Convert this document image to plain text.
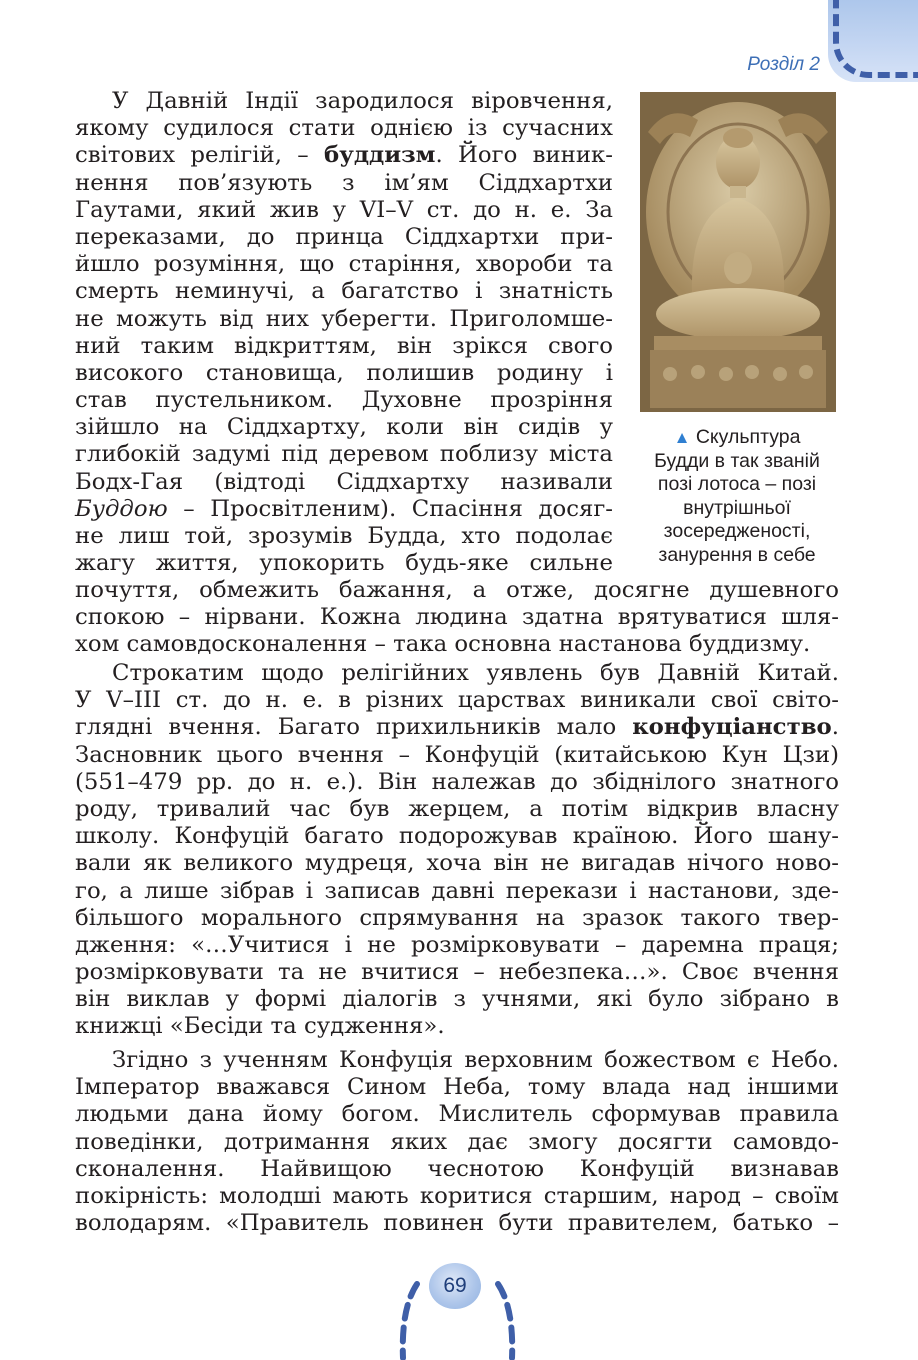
Розділ 2
▲ Скульптура
Будди в так званій
позі лотоса – позі
внутрішньої
зосередженості,
занурення в себе
У Давній Індії зародилося віровчення,
якому судилося стати однією із сучасних
світових релігій, – буддизм. Його виник-
нення пов’язують з ім’ям Сіддхартхи
Гаутами, який жив у VI–V ст. до н. е. За
переказами, до принца Сіддхартхи при-
йшло розуміння, що старіння, хвороби та
смерть неминучі, а багатство і знатність
не можуть від них уберегти. Приголомше-
ний таким відкриттям, він зрікся свого
високого становища, полишив родину і
став пустельником. Духовне прозріння
зійшло на Сіддхартху, коли він сидів у
глибокій задумі під деревом поблизу міста
Бодх-Гая (відтоді Сіддхартху називали
Буддою – Просвітленим). Спасіння досяг-
не лиш той, зрозумів Будда, хто подолає
жагу життя, упокорить будь-яке сильне
почуття, обмежить бажання, а отже, досягне душевного
спокою – нірвани. Кожна людина здатна врятуватися шля-
хом самовдосконалення – така основна настанова буддизму.
Строкатим щодо релігійних уявлень був Давній Китай.
У V–III ст. до н. е. в різних царствах виникали свої світо-
глядні вчення. Багато прихильників мало конфуціанство.
Засновник цього вчення – Конфуцій (китайською Кун Цзи)
(551–479 рр. до н. е.). Він належав до збіднілого знатного
роду, тривалий час був жерцем, а потім відкрив власну
школу. Конфуцій багато подорожував країною. Його шану-
вали як великого мудреця, хоча він не вигадав нічого ново-
го, а лише зібрав і записав давні перекази і настанови, зде-
більшого морального спрямування на зразок такого твер-
дження: «…Учитися і не розмірковувати – даремна праця;
розмірковувати та не вчитися – небезпека…». Своє вчення
він виклав у формі діалогів з учнями, які було зібрано в
книжці «Бесіди та судження».
Згідно з ученням Конфуція верховним божеством є Небо.
Імператор вважався Сином Неба, тому влада над іншими
людьми дана йому богом. Мислитель сформував правила
поведінки, дотримання яких дає змогу досягти самовдо-
сконалення. Найвищою чеснотою Конфуцій визнавав
покірність: молодші мають коритися старшим, народ – своїм
володарям. «Правитель повинен бути правителем, батько –
69
